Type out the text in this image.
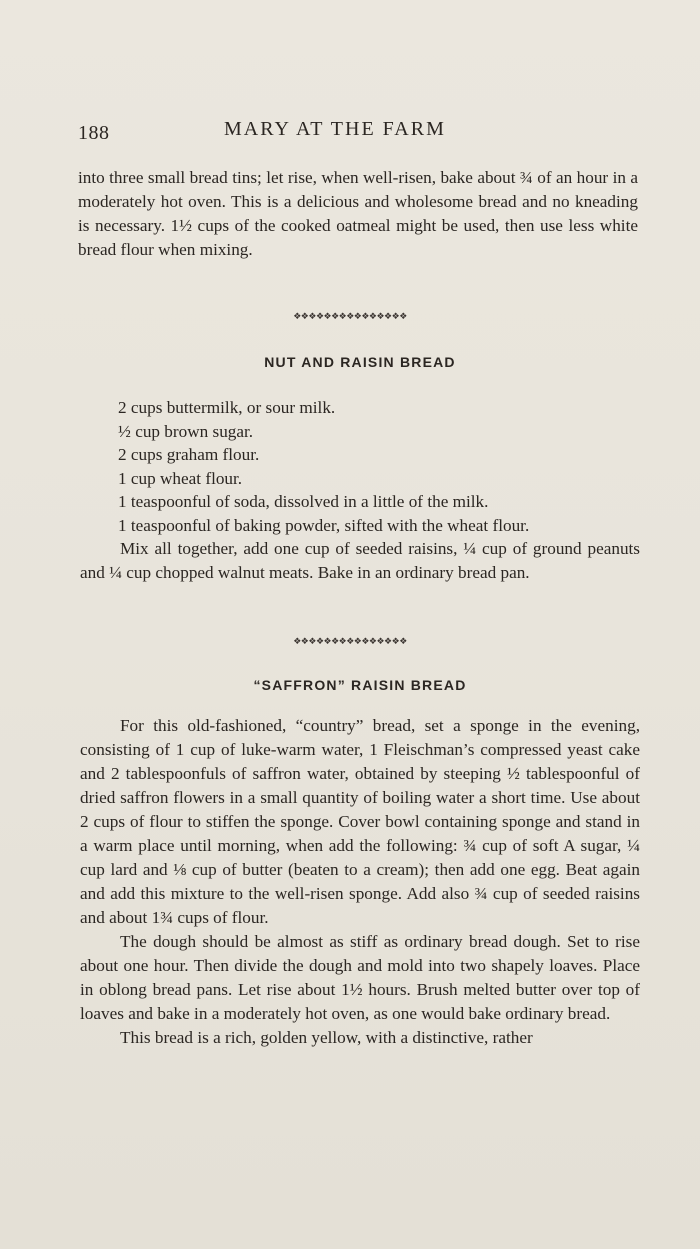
188	MARY AT THE FARM

into three small bread tins; let rise, when well-risen, bake about ¾ of an hour in a moderately hot oven. This is a delicious and wholesome bread and no kneading is necessary. 1½ cups of the cooked oatmeal might be used, then use less white bread flour when mixing.

❖❖❖❖❖❖❖❖❖❖❖❖❖❖❖
NUT AND RAISIN BREAD

2 cups buttermilk, or sour milk.

½ cup brown sugar.

2 cups graham flour.

1 cup wheat flour.

1 teaspoonful of soda, dissolved in a little of the milk.

1 teaspoonful of baking powder, sifted with the wheat flour.

Mix all together, add one cup of seeded raisins, ¼ cup of ground peanuts and ¼ cup chopped walnut meats. Bake in an ordinary bread pan.

❖❖❖❖❖❖❖❖❖❖❖❖❖❖❖
“SAFFRON” RAISIN BREAD

For this old-fashioned, “country” bread, set a sponge in the evening, consisting of 1 cup of luke-warm water, 1 Fleischman’s compressed yeast cake and 2 tablespoonfuls of saffron water, obtained by steeping ½ tablespoonful of dried saffron flowers in a small quantity of boiling water a short time. Use about 2 cups of flour to stiffen the sponge. Cover bowl containing sponge and stand in a warm place until morning, when add the following: ¾ cup of soft A sugar, ¼ cup lard and ⅛ cup of butter (beaten to a cream); then add one egg. Beat again and add this mixture to the well-risen sponge. Add also ¾ cup of seeded raisins and about 1¾ cups of flour.

The dough should be almost as stiff as ordinary bread dough. Set to rise about one hour. Then divide the dough and mold into two shapely loaves. Place in oblong bread pans. Let rise about 1½ hours. Brush melted butter over top of loaves and bake in a moderately hot oven, as one would bake ordinary bread.

This bread is a rich, golden yellow, with a distinctive, rather
